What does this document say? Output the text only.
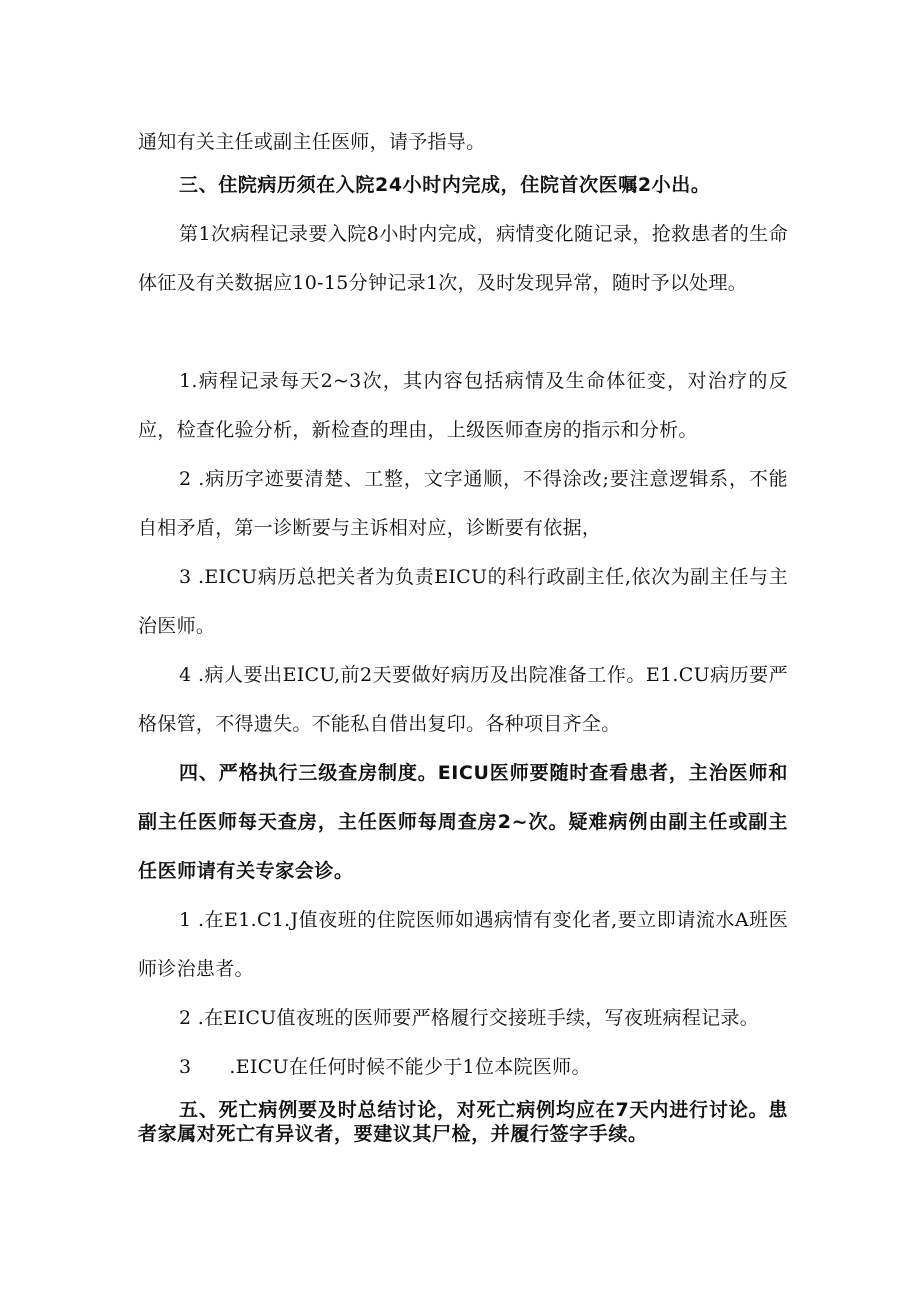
通知有关主任或副主任医师，请予指导。

三、住院病历须在入院24小时内完成，住院首次医嘱2小出。

第1次病程记录要入院8小时内完成，病情变化随记录，抢救患者的生命体征及有关数据应10-15分钟记录1次，及时发现异常，随时予以处理。

1.病程记录每天2~3次，其内容包括病情及生命体征变，对治疗的反应，检查化验分析，新检查的理由，上级医师查房的指示和分析。

2 .病历字迹要清楚、工整，文字通顺，不得涂改;要注意逻辑系，不能自相矛盾，第一诊断要与主诉相对应，诊断要有依据，

3 .EICU病历总把关者为负责EICU的科行政副主任,依次为副主任与主治医师。

4 .病人要出EICU,前2天要做好病历及出院准备工作。E1.CU病历要严格保管，不得遗失。不能私自借出复印。各种项目齐全。

四、严格执行三级查房制度。EICU医师要随时查看患者，主治医师和副主任医师每天查房，主任医师每周查房2~次。疑难病例由副主任或副主任医师请有关专家会诊。

1 .在E1.C1.J值夜班的住院医师如遇病情有变化者,要立即请流水A班医师诊治患者。

2 .在EICU值夜班的医师要严格履行交接班手续，写夜班病程记录。

3 .EICU在任何时候不能少于1位本院医师。

五、死亡病例要及时总结讨论，对死亡病例均应在7天内进行讨论。患者家属对死亡有异议者，要建议其尸检，并履行签字手续。
